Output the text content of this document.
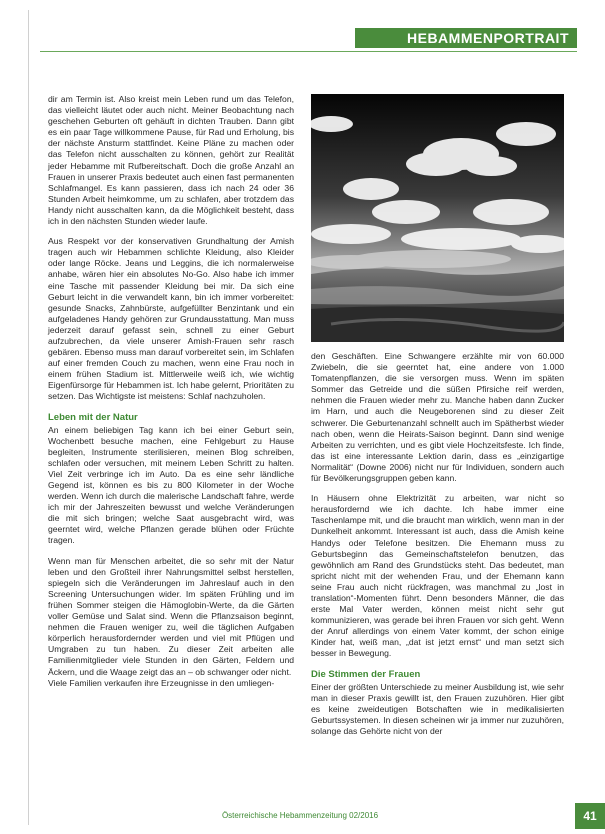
HEBAMMENPORTRAIT

dir am Termin ist. Also kreist mein Leben rund um das Telefon, das vielleicht läutet oder auch nicht. Meiner Beobachtung nach geschehen Geburten oft gehäuft in dichten Trauben. Dann gibt es ein paar Tage willkommene Pause, für Rad und Erholung, bis der nächste Ansturm stattfindet. Keine Pläne zu machen oder das Telefon nicht ausschalten zu können, gehört zur Realität jeder Hebamme mit Rufbereitschaft. Doch die große Anzahl an Frauen in unserer Praxis bedeutet auch einen fast permanenten Schlafmangel. Es kann passieren, dass ich nach 24 oder 36 Stunden Arbeit heimkomme, um zu schlafen, aber trotzdem das Handy nicht ausschalten kann, da die Möglichkeit besteht, dass ich in den nächsten Stunden wieder laufe.

Aus Respekt vor der konservativen Grundhaltung der Amish tragen auch wir Hebammen schlichte Kleidung, also Kleider oder lange Röcke. Jeans und Leggins, die ich normalerweise anhabe, wären hier ein absolutes No-Go. Also habe ich immer eine Tasche mit passender Kleidung bei mir. Da sich eine Geburt leicht in die verwandelt kann, bin ich immer vorbereitet: gesunde Snacks, Zahnbürste, aufgefüllter Benzintank und ein aufgeladenes Handy gehören zur Grundausstattung. Man muss jederzeit darauf gefasst sein, schnell zu einer Geburt aufzubrechen, da viele unserer Amish-Frauen sehr rasch gebären. Ebenso muss man darauf vorbereitet sein, im Schlafen auf einer fremden Couch zu machen, wenn eine Frau noch in einem frühen Stadium ist. Mittlerweile weiß ich, wie wichtig Eigenfürsorge für Hebammen ist. Ich habe gelernt, Prioritäten zu setzen. Das Wichtigste ist meistens: Schlaf nachzuholen.

Leben mit der Natur

An einem beliebigen Tag kann ich bei einer Geburt sein, Wochenbett besuche machen, eine Fehlgeburt zu Hause begleiten, Instrumente sterilisieren, meinen Blog schreiben, schlafen oder versuchen, mit meinem Leben Schritt zu halten. Viel Zeit verbringe ich im Auto. Da es eine sehr ländliche Gegend ist, können es bis zu 800 Kilometer in der Woche werden. Wenn ich durch die malerische Landschaft fahre, werde ich mir der Jahreszeiten bewusst und welche Veränderungen die mit sich bringen; welche Saat ausgebracht wird, was geerntet wird, welche Pflanzen gerade blühen oder Früchte tragen.

Wenn man für Menschen arbeitet, die so sehr mit der Natur leben und den Großteil ihrer Nahrungsmittel selbst herstellen, spiegeln sich die Veränderungen im Jahreslauf auch in den Screening Untersuchungen wider. Im späten Frühling und im frühen Sommer steigen die Hämoglobin-Werte, da die Gärten voller Gemüse und Salat sind. Wenn die Pflanzsaison beginnt, nehmen die Frauen weniger zu, weil die täglichen Aufgaben körperlich herausfordernder werden und viel mit Pflügen und Umgraben zu tun haben. Zu dieser Zeit arbeiten alle Familienmitglieder viele Stunden in den Gärten, Feldern und Äckern, und die Waage zeigt das an – ob schwanger oder nicht.

Viele Familien verkaufen ihre Erzeugnisse in den umliegen-

den Geschäften. Eine Schwangere erzählte mir von 60.000 Zwiebeln, die sie geerntet hat, eine andere von 1.000 Tomatenpflanzen, die sie versorgen muss. Wenn im späten Sommer das Getreide und die süßen Pfirsiche reif werden, nehmen die Frauen wieder mehr zu. Manche haben dann Zucker im Harn, und auch die Neugeborenen sind zu dieser Zeit schwerer. Die Geburtenanzahl schnellt auch im Spätherbst wieder nach oben, wenn die Heirats-Saison beginnt. Dann sind wenige Arbeiten zu verrichten, und es gibt viele Hochzeitsfeste. Ich finde, das ist eine interessante Lektion darin, dass es „einzigartige Normalität“ (Downe 2006) nicht nur für Individuen, sondern auch für Bevölkerungsgruppen geben kann.

In Häusern ohne Elektrizität zu arbeiten, war nicht so herausfordernd wie ich dachte. Ich habe immer eine Taschenlampe mit, und die braucht man wirklich, wenn man in der Dunkelheit ankommt. Interessant ist auch, dass die Amish keine Handys oder Telefone besitzen. Die Ehemann muss zu Geburtsbeginn das Gemeinschaftstelefon benutzen, das gewöhnlich am Rand des Grundstücks steht. Das bedeutet, man spricht nicht mit der wehenden Frau, und der Ehemann kann seine Frau auch nicht rückfragen, was manchmal zu „lost in translation“-Momenten führt. Denn besonders Männer, die das erste Mal Vater werden, können meist nicht sehr gut kommunizieren, was gerade bei ihren Frauen vor sich geht. Wenn der Anruf allerdings von einem Vater kommt, der schon einige Kinder hat, weiß man, „dat ist jetzt ernst“ und man setzt sich besser in Bewegung.

Die Stimmen der Frauen

Einer der größten Unterschiede zu meiner Ausbildung ist, wie sehr man in dieser Praxis gewillt ist, den Frauen zuzuhören. Hier gibt es keine zweideutigen Botschaften wie in medikalisierten Geburtssystemen. In diesen scheinen wir ja immer nur zuzuhören, solange das Gehörte nicht von der

Österreichische Hebammenzeitung 02/2016	41
